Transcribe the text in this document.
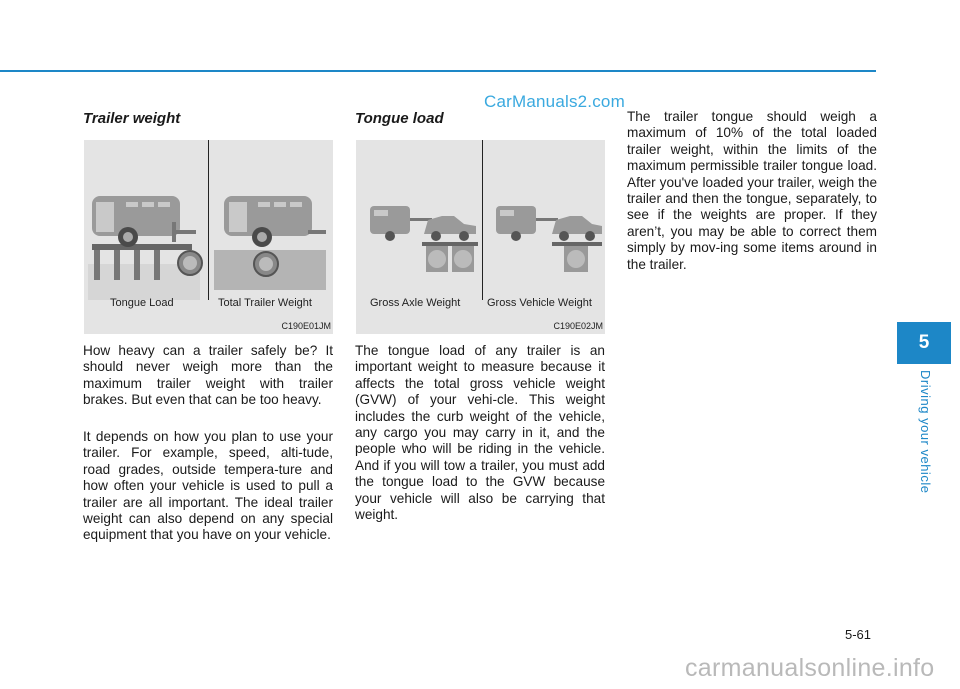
CarManuals2.com
Trailer weight
Tongue Load	Total Trailer Weight
C190E01JM

How heavy can a trailer safely be? It should never weigh more than the maximum trailer weight with trailer brakes. But even that can be too heavy.

It depends on how you plan to use your trailer. For example, speed, alti-tude, road grades, outside tempera-ture and how often your vehicle is used to pull a trailer are all important. The ideal trailer weight can also depend on any special equipment that you have on your vehicle.

Tongue load
Gross Axle Weight Gross Vehicle Weight
C190E02JM

The tongue load of any trailer is an important weight to measure because it affects the total gross vehicle weight (GVW) of your vehi-cle. This weight includes the curb weight of the vehicle, any cargo you may carry in it, and the people who will be riding in the vehicle. And if you will tow a trailer, you must add the tongue load to the GVW because your vehicle will also be carrying that weight.

The trailer tongue should weigh a maximum of 10% of the total loaded trailer weight, within the limits of the maximum permissible trailer tongue load. After you've loaded your trailer, weigh the trailer and then the tongue, separately, to see if the weights are proper. If they aren’t, you may be able to correct them simply by mov-ing some items around in the trailer.

5
Driving your vehicle
5-61
carmanualsonline.info
